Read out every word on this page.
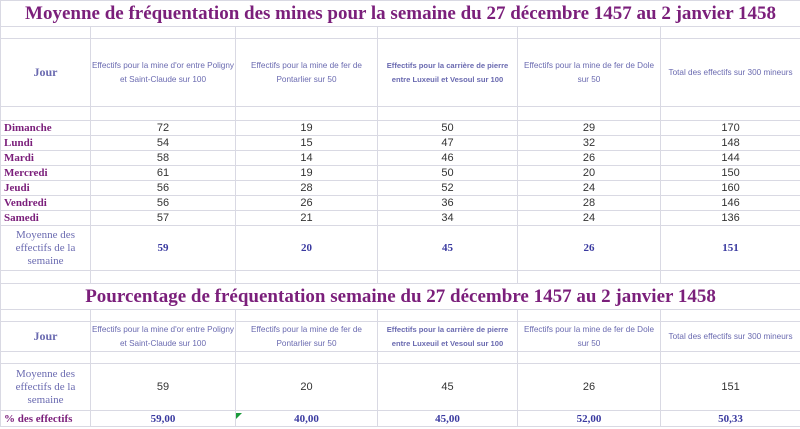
Moyenne de fréquentation des mines pour la semaine du 27 décembre 1457 au 2 janvier 1458					

Jour	Effectifs pour la mine d'or entre Poligny et Saint-Claude sur 100	Effectifs pour la mine de fer de Pontarlier sur 50	Effectifs pour la carrière de pierre entre Luxeuil et Vesoul sur 100	Effectifs pour la mine de fer de Dole sur 50	Total des effectifs sur 300 mineurs

Dimanche	72	19	50	29	170
Lundi	54	15	47	32	148
Mardi	58	14	46	26	144
Mercredi	61	19	50	20	150
Jeudi	56	28	52	24	160
Vendredi	56	26	36	28	146
Samedi	57	21	34	24	136
Moyenne des effectifs de la semaine	59	20	45	26	151

Pourcentage de fréquentation semaine du 27 décembre 1457 au 2 janvier 1458					

Jour	Effectifs pour la mine d'or entre Poligny et Saint-Claude sur 100	Effectifs pour la mine de fer de Pontarlier sur 50	Effectifs pour la carrière de pierre entre Luxeuil et Vesoul sur 100	Effectifs pour la mine de fer de Dole sur 50	Total des effectifs sur 300 mineurs

Moyenne des effectifs de la semaine	59	20	45	26	151
% des effectifs	59,00	40,00	45,00	52,00	50,33
